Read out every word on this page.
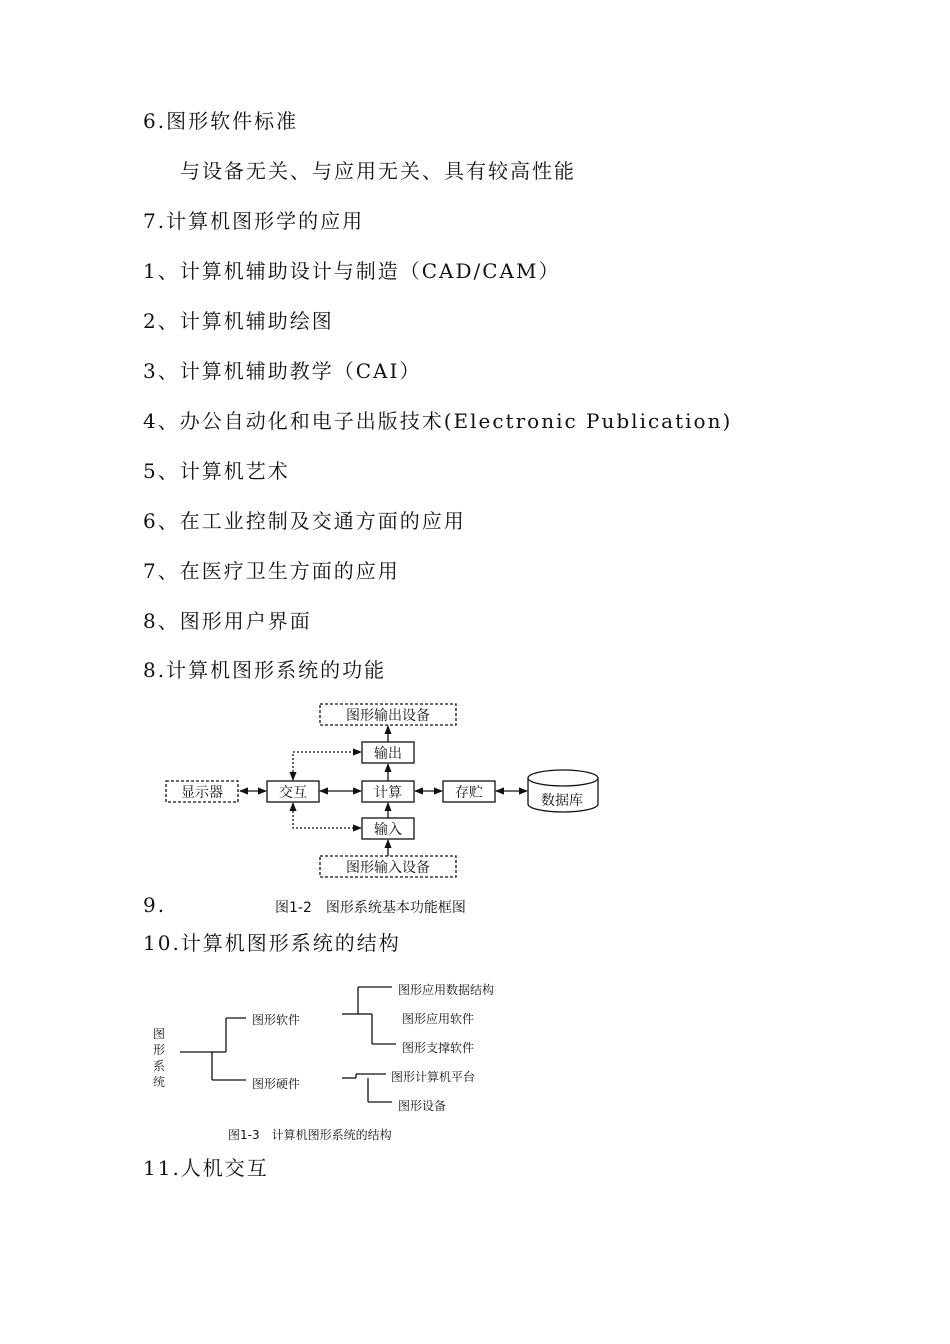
6.图形软件标准
与设备无关、与应用无关、具有较高性能
7.计算机图形学的应用
1、计算机辅助设计与制造（CAD/CAM）
2、计算机辅助绘图
3、计算机辅助教学（CAI）
4、办公自动化和电子出版技术(Electronic Publication)
5、计算机艺术
6、在工业控制及交通方面的应用
7、在医疗卫生方面的应用
8、图形用户界面
8.计算机图形系统的功能
图形输出设备
输出
显示器	交互	计算	存贮	数据库
输入
图形输入设备
9.	图1-2　图形系统基本功能框图
10.计算机图形系统的结构
图
形
系
统
图形软件
图形硬件
图形应用数据结构
图形应用软件
图形支撑软件
图形计算机平台
图形设备
图1-3　计算机图形系统的结构
11.人机交互
